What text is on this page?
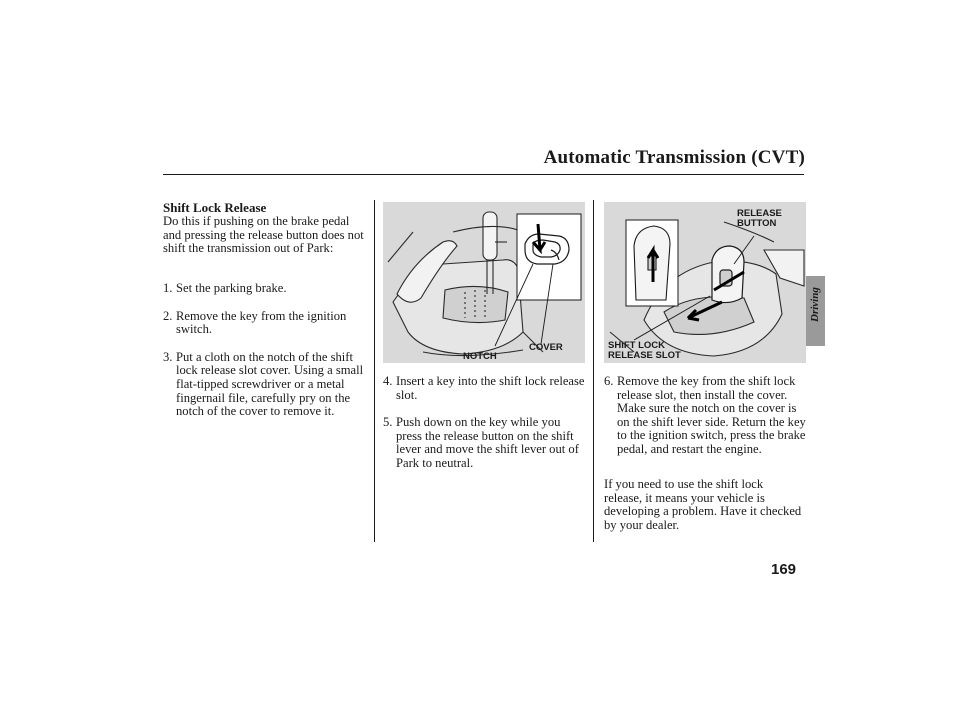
Automatic Transmission (CVT)
Driving
Shift Lock Release
Do this if pushing on the brake pedal and pressing the release button does not shift the transmission out of Park:
1. Set the parking brake.
2. Remove the key from the ignition switch.
3. Put a cloth on the notch of the shift lock release slot cover. Using a small flat-tipped screwdriver or a metal fingernail file, carefully pry on the notch of the cover to remove it.
NOTCH
COVER
4. Insert a key into the shift lock release slot.
5. Push down on the key while you press the release button on the shift lever and move the shift lever out of Park to neutral.
RELEASE
BUTTON
SHIFT LOCK
RELEASE SLOT
6. Remove the key from the shift lock release slot, then install the cover. Make sure the notch on the cover is on the shift lever side. Return the key to the ignition switch, press the brake pedal, and restart the engine.
If you need to use the shift lock release, it means your vehicle is developing a problem. Have it checked by your dealer.
169
